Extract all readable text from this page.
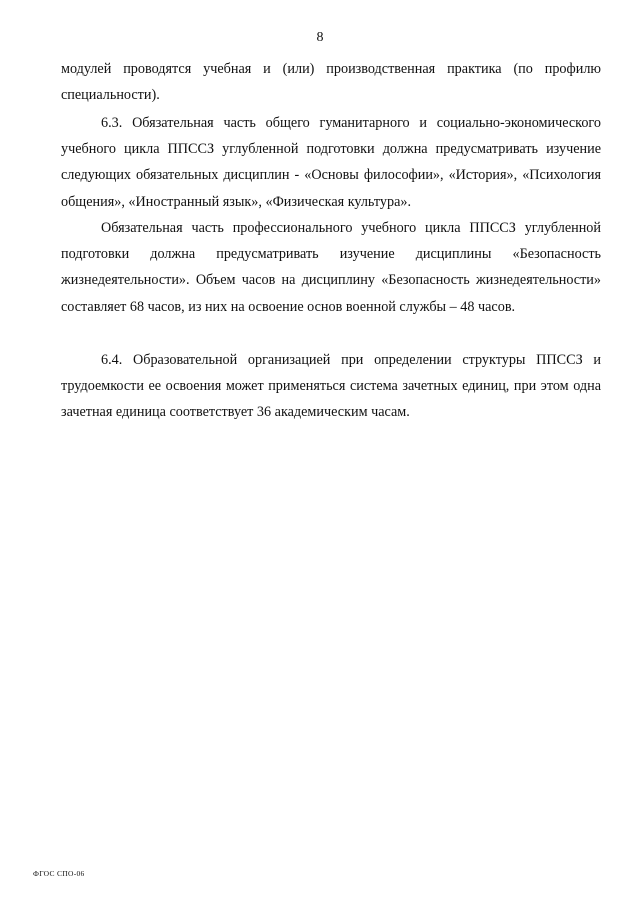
8

модулей проводятся учебная и (или) производственная практика (по профилю специальности).

6.3. Обязательная часть общего гуманитарного и социально-экономического учебного цикла ППССЗ углубленной подготовки должна предусматривать изучение следующих обязательных дисциплин - «Основы философии», «История», «Психология общения», «Иностранный язык», «Физическая культура».

Обязательная часть профессионального учебного цикла ППССЗ углубленной подготовки должна предусматривать изучение дисциплины «Безопасность жизнедеятельности». Объем часов на дисциплину «Безопасность жизнедеятельности» составляет 68 часов, из них на освоение основ военной службы – 48 часов.

6.4. Образовательной организацией при определении структуры ППССЗ и трудоемкости ее освоения может применяться система зачетных единиц, при этом одна зачетная единица соответствует 36 академическим часам.

ФГОС СПО-06
